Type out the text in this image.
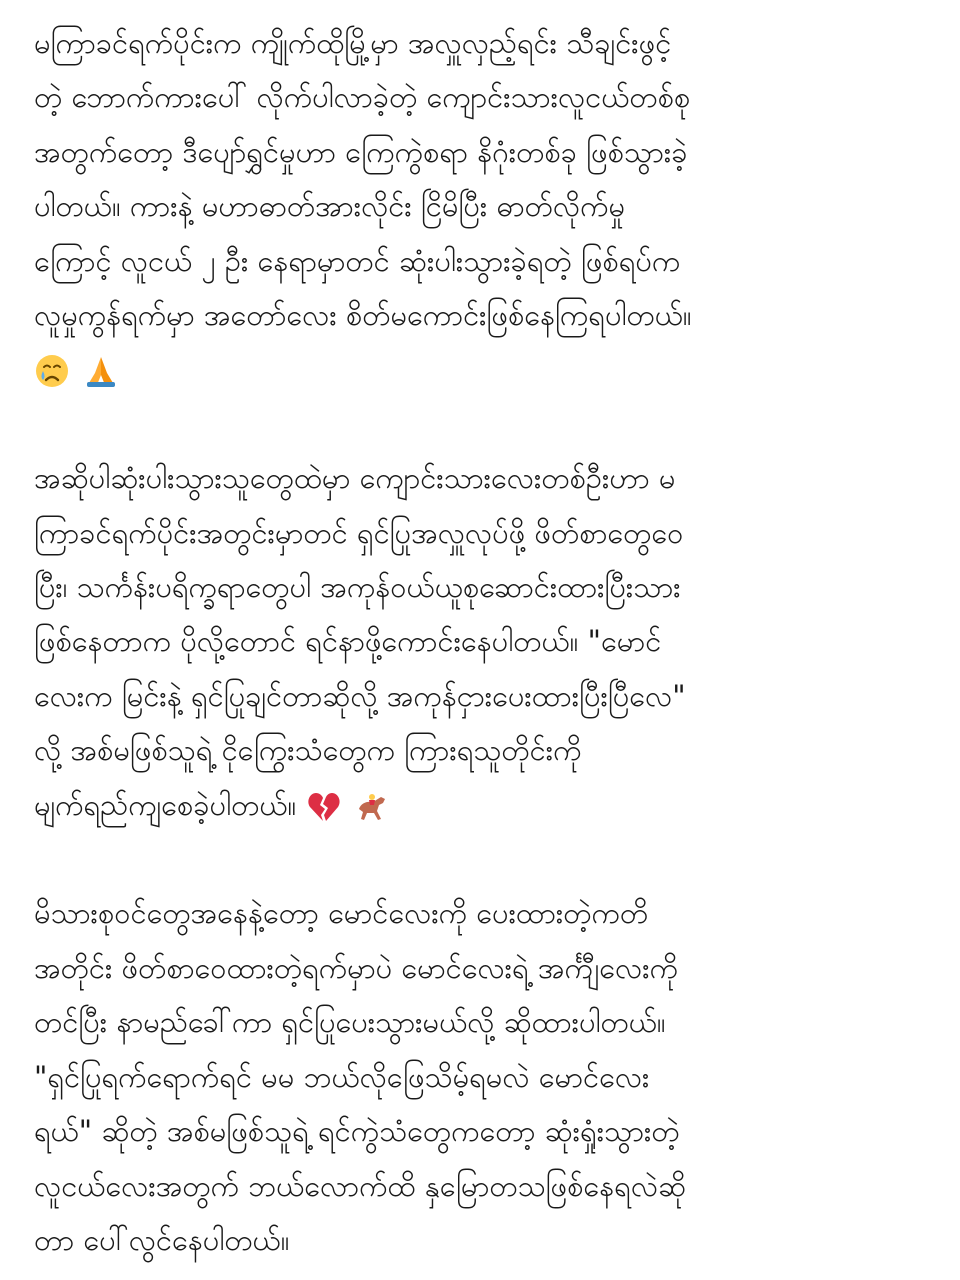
မကြာခင်ရက်ပိုင်းက ကျိုက်ထိုမြို့မှာ အလှူလှည့်ရင်း သီချင်းဖွင့်
တဲ့ ဘောက်ကားပေါ် လိုက်ပါလာခဲ့တဲ့ ကျောင်းသားလူငယ်တစ်စု
အတွက်တော့ ဒီပျော်ရွှင်မှုဟာ ကြေကွဲစရာ နိဂုံးတစ်ခု ဖြစ်သွားခဲ့
ပါတယ်။ ကားနဲ့ မဟာဓာတ်အားလိုင်း ငြိမိပြီး ဓာတ်လိုက်မှု
ကြောင့် လူငယ် ၂ ဦး နေရာမှာတင် ဆုံးပါးသွားခဲ့ရတဲ့ ဖြစ်ရပ်က
လူမှုကွန်ရက်မှာ အတော်လေး စိတ်မကောင်းဖြစ်နေကြရပါတယ်။

အဆိုပါဆုံးပါးသွားသူတွေထဲမှာ ကျောင်းသားလေးတစ်ဦးဟာ မ
ကြာခင်ရက်ပိုင်းအတွင်းမှာတင် ရှင်ပြုအလှူလုပ်ဖို့ ဖိတ်စာတွေဝေ
ပြီး၊ သင်္ကန်းပရိက္ခရာတွေပါ အကုန်ဝယ်ယူစုဆောင်းထားပြီးသား
ဖြစ်နေတာက ပိုလို့တောင် ရင်နာဖို့ကောင်းနေပါတယ်။ "မောင်
လေးက မြင်းနဲ့ ရှင်ပြုချင်တာဆိုလို့ အကုန်ငှားပေးထားပြီးပြီလေ"
လို့ အစ်မဖြစ်သူရဲ့ ငိုကြွေးသံတွေက ကြားရသူတိုင်းကို
မျက်ရည်ကျစေခဲ့ပါတယ်။

မိသားစုဝင်တွေအနေနဲ့တော့ မောင်လေးကို ပေးထားတဲ့ကတိ
အတိုင်း ဖိတ်စာဝေထားတဲ့ရက်မှာပဲ မောင်လေးရဲ့ အင်္ကျီလေးကို
တင်ပြီး နာမည်ခေါ်ကာ ရှင်ပြုပေးသွားမယ်လို့ ဆိုထားပါတယ်။
"ရှင်ပြုရက်ရောက်ရင် မမ ဘယ်လိုဖြေသိမ့်ရမလဲ မောင်လေး
ရယ်" ဆိုတဲ့ အစ်မဖြစ်သူရဲ့ ရင်ကွဲသံတွေကတော့ ဆုံးရှုံးသွားတဲ့
လူငယ်လေးအတွက် ဘယ်လောက်ထိ နှမြောတသဖြစ်နေရလဲဆို
တာ ပေါ်လွင်နေပါတယ်။
